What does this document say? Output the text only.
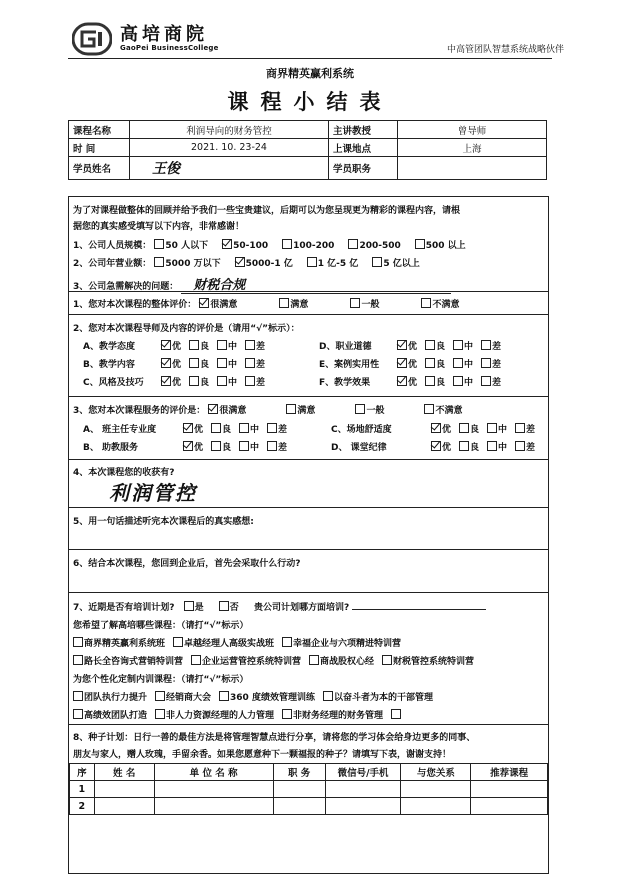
高培商院
GaoPei BusinessCollege	中高管团队智慧系统战略伙伴
商界精英赢利系统
课程小结表
课程名称	利润导向的财务管控	主讲教授	曾导师
时 间	2021. 10. 23-24	上课地点	上海
学员姓名	王俊	学员职务	
为了对课程做整体的回顾并给予我们一些宝贵建议，后期可以为您呈现更为精彩的课程内容，请根
据您的真实感受填写以下内容，非常感谢！
1、公司人员规模： 50 人以下	50-100	100-200	200-500	500 以上
2、公司年营业额： 5000 万以下	5000-1 亿	1 亿-5 亿	5 亿以上
3、公司急需解决的问题： 财税合规
1、您对本次课程的整体评价： 很满意	满意	一般	不满意
2、您对本次课程导师及内容的评价是（请用“√”标示）：
A、教学态度	优 良 中 差	D、职业道德	优 良 中 差
B、教学内容	优 良 中 差	E、案例实用性	优 良 中 差
C、风格及技巧	优 良 中 差	F、教学效果	优 良 中 差
3、您对本次课程服务的评价是： 很满意	满意	一般	不满意
A、 班主任专业度	优 良 中 差	C、场地舒适度	优 良 中 差
B、 助教服务	优 良 中 差	D、 课堂纪律	优 良 中 差
4、本次课程您的收获有?
利润管控
5、用一句话描述听完本次课程后的真实感想:
6、结合本次课程，您回到企业后，首先会采取什么行动?
7、近期是否有培训计划? 是	否 贵公司计划哪方面培训?
您希望了解高培哪些课程：（请打“√”标示）
商界精英赢利系统班 卓越经理人高级实战班 幸福企业与六项精进特训营
路长全咨询式营销特训营 企业运营管控系统特训营 商战股权心经 财税管控系统特训营
为您个性化定制内训课程：（请打“√”标示）
团队执行力提升 经销商大会 360 度绩效管理训练 以奋斗者为本的干部管理
高绩效团队打造 非人力资源经理的人力管理 非财务经理的财务管理
8、种子计划：日行一善的最佳方法是将管理智慧点进行分享，请将您的学习体会给身边更多的同事、
朋友与家人，赠人玫瑰，手留余香。如果您愿意种下一颗福报的种子？请填写下表，谢谢支持！
序	姓 名	单 位 名 称	职 务	微信号/手机	与您关系	推荐课程
1						
2						
